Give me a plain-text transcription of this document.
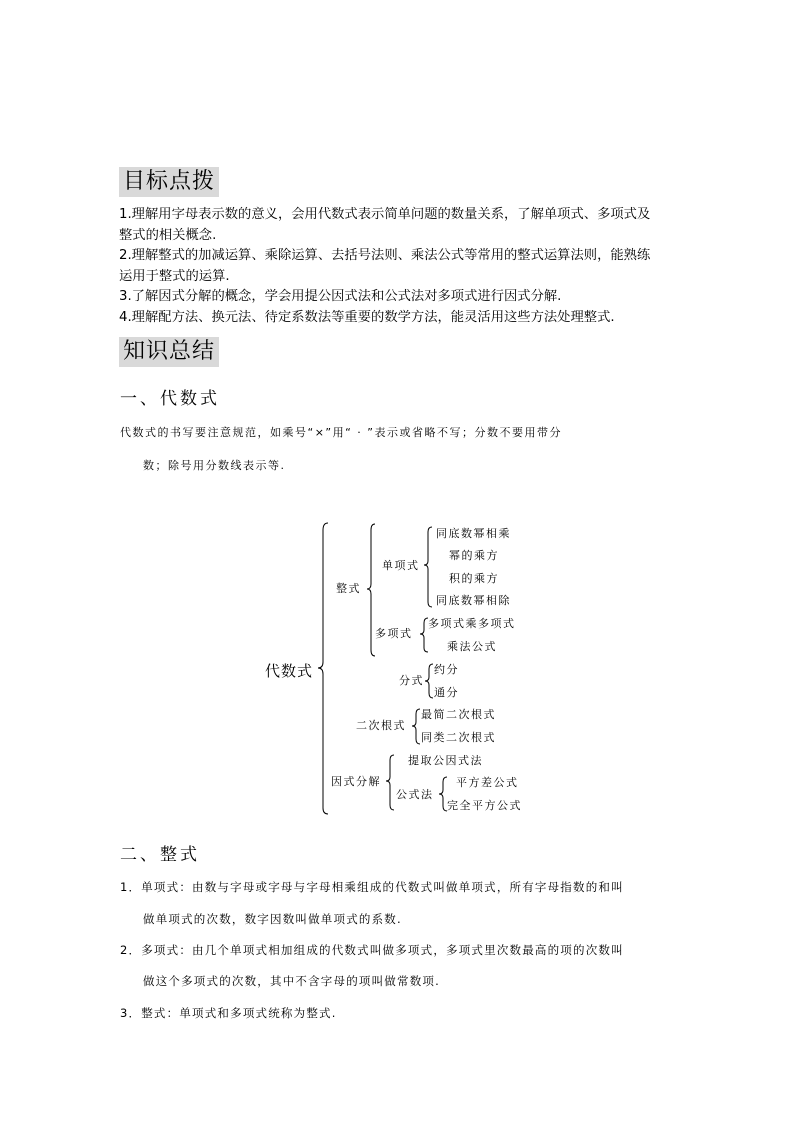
目标点拨
1.理解用字母表示数的意义，会用代数式表示简单问题的数量关系，了解单项式、多项式及
整式的相关概念.
2.理解整式的加减运算、乘除运算、去括号法则、乘法公式等常用的整式运算法则，能熟练
运用于整式的运算.
3.了解因式分解的概念，学会用提公因式法和公式法对多项式进行因式分解.
4.理解配方法、换元法、待定系数法等重要的数学方法，能灵活用这些方法处理整式.
知识总结
一、代数式
代数式的书写要注意规范，如乘号“×”用“ · ”表示或省略不写；分数不要用带分
数；除号用分数线表示等.
代数式
整式
单项式
同底数幂相乘
幂的乘方
积的乘方
同底数幂相除
多项式
多项式乘多项式
乘法公式
分式
约分
通分
二次根式
最简二次根式
同类二次根式
因式分解
提取公因式法
公式法
平方差公式
完全平方公式
二、整式
1．单项式：由数与字母或字母与字母相乘组成的代数式叫做单项式，所有字母指数的和叫
做单项式的次数，数字因数叫做单项式的系数.
2．多项式：由几个单项式相加组成的代数式叫做多项式，多项式里次数最高的项的次数叫
做这个多项式的次数，其中不含字母的项叫做常数项.
3．整式：单项式和多项式统称为整式.
